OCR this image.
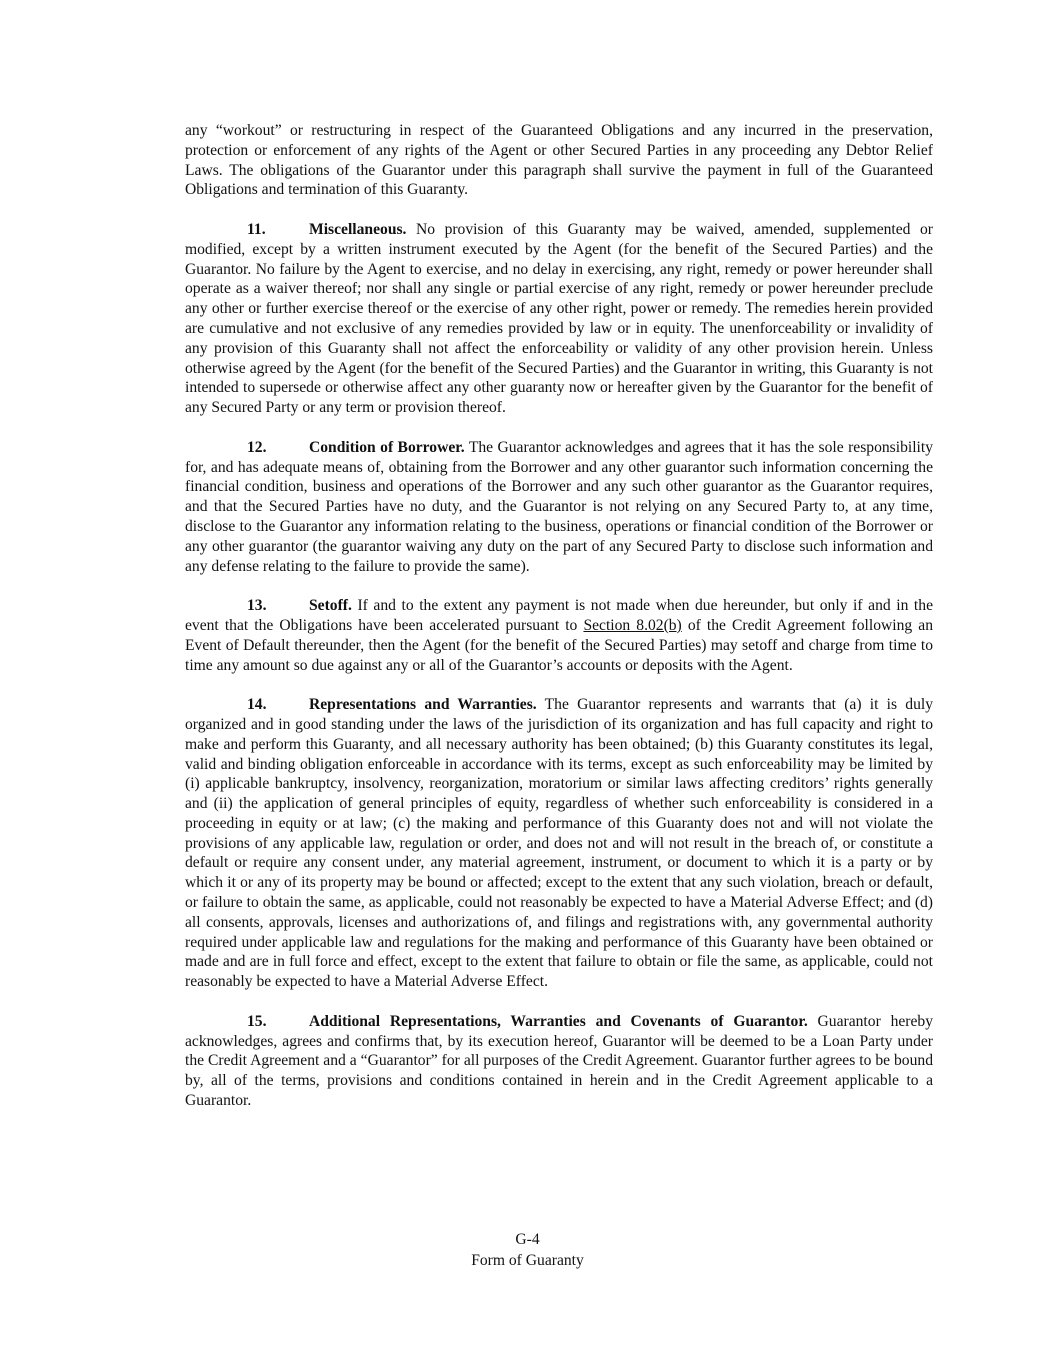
any “workout” or restructuring in respect of the Guaranteed Obligations and any incurred in the preservation, protection or enforcement of any rights of the Agent or other Secured Parties in any proceeding any Debtor Relief Laws. The obligations of the Guarantor under this paragraph shall survive the payment in full of the Guaranteed Obligations and termination of this Guaranty.

11.	Miscellaneous. No provision of this Guaranty may be waived, amended, supplemented or modified, except by a written instrument executed by the Agent (for the benefit of the Secured Parties) and the Guarantor. No failure by the Agent to exercise, and no delay in exercising, any right, remedy or power hereunder shall operate as a waiver thereof; nor shall any single or partial exercise of any right, remedy or power hereunder preclude any other or further exercise thereof or the exercise of any other right, power or remedy. The remedies herein provided are cumulative and not exclusive of any remedies provided by law or in equity. The unenforceability or invalidity of any provision of this Guaranty shall not affect the enforceability or validity of any other provision herein. Unless otherwise agreed by the Agent (for the benefit of the Secured Parties) and the Guarantor in writing, this Guaranty is not intended to supersede or otherwise affect any other guaranty now or hereafter given by the Guarantor for the benefit of any Secured Party or any term or provision thereof.

12.	Condition of Borrower. The Guarantor acknowledges and agrees that it has the sole responsibility for, and has adequate means of, obtaining from the Borrower and any other guarantor such information concerning the financial condition, business and operations of the Borrower and any such other guarantor as the Guarantor requires, and that the Secured Parties have no duty, and the Guarantor is not relying on any Secured Party to, at any time, disclose to the Guarantor any information relating to the business, operations or financial condition of the Borrower or any other guarantor (the guarantor waiving any duty on the part of any Secured Party to disclose such information and any defense relating to the failure to provide the same).

13.	Setoff. If and to the extent any payment is not made when due hereunder, but only if and in the event that the Obligations have been accelerated pursuant to Section 8.02(b) of the Credit Agreement following an Event of Default thereunder, then the Agent (for the benefit of the Secured Parties) may setoff and charge from time to time any amount so due against any or all of the Guarantor’s accounts or deposits with the Agent.

14.	Representations and Warranties. The Guarantor represents and warrants that (a) it is duly organized and in good standing under the laws of the jurisdiction of its organization and has full capacity and right to make and perform this Guaranty, and all necessary authority has been obtained; (b) this Guaranty constitutes its legal, valid and binding obligation enforceable in accordance with its terms, except as such enforceability may be limited by (i) applicable bankruptcy, insolvency, reorganization, moratorium or similar laws affecting creditors’ rights generally and (ii) the application of general principles of equity, regardless of whether such enforceability is considered in a proceeding in equity or at law; (c) the making and performance of this Guaranty does not and will not violate the provisions of any applicable law, regulation or order, and does not and will not result in the breach of, or constitute a default or require any consent under, any material agreement, instrument, or document to which it is a party or by which it or any of its property may be bound or affected; except to the extent that any such violation, breach or default, or failure to obtain the same, as applicable, could not reasonably be expected to have a Material Adverse Effect; and (d) all consents, approvals, licenses and authorizations of, and filings and registrations with, any governmental authority required under applicable law and regulations for the making and performance of this Guaranty have been obtained or made and are in full force and effect, except to the extent that failure to obtain or file the same, as applicable, could not reasonably be expected to have a Material Adverse Effect.

15.	Additional Representations, Warranties and Covenants of Guarantor. Guarantor hereby acknowledges, agrees and confirms that, by its execution hereof, Guarantor will be deemed to be a Loan Party under the Credit Agreement and a “Guarantor” for all purposes of the Credit Agreement. Guarantor further agrees to be bound by, all of the terms, provisions and conditions contained in herein and in the Credit Agreement applicable to a Guarantor.

G-4
Form of Guaranty
